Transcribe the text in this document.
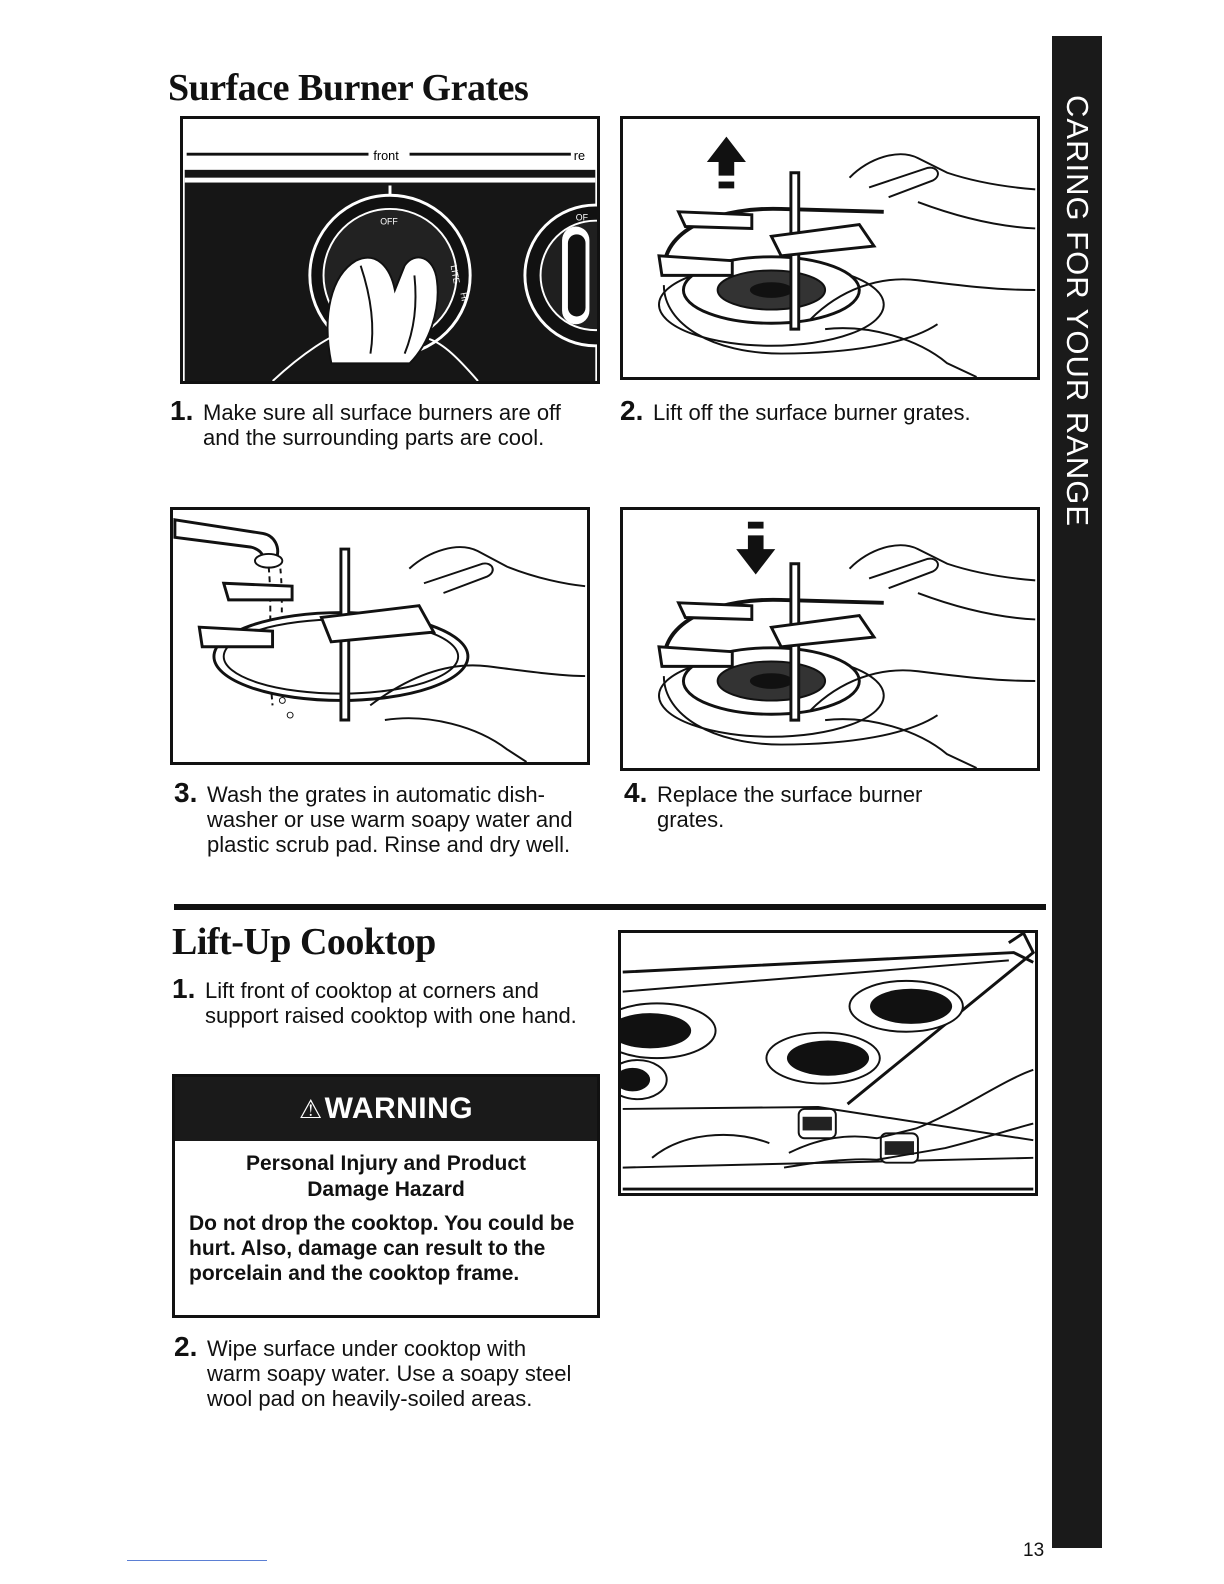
Surface Burner Grates
CARING FOR YOUR RANGE
front	re
OFF
LITE
HI
OF
1. Make sure all surface burners are off and the surrounding parts are cool.
2. Lift off the surface burner grates.
3. Wash the grates in automatic dish-washer or use warm soapy water and plastic scrub pad. Rinse and dry well.
4. Replace the surface burner grates.
Lift-Up Cooktop
1. Lift front of cooktop at corners and support raised cooktop with one hand.
⚠ WARNING
Personal Injury and Product
Damage Hazard
Do not drop the cooktop. You could be hurt. Also, damage can result to the porcelain and the cooktop frame.
2. Wipe surface under cooktop with warm soapy water. Use a soapy steel wool pad on heavily-soiled areas.
13
